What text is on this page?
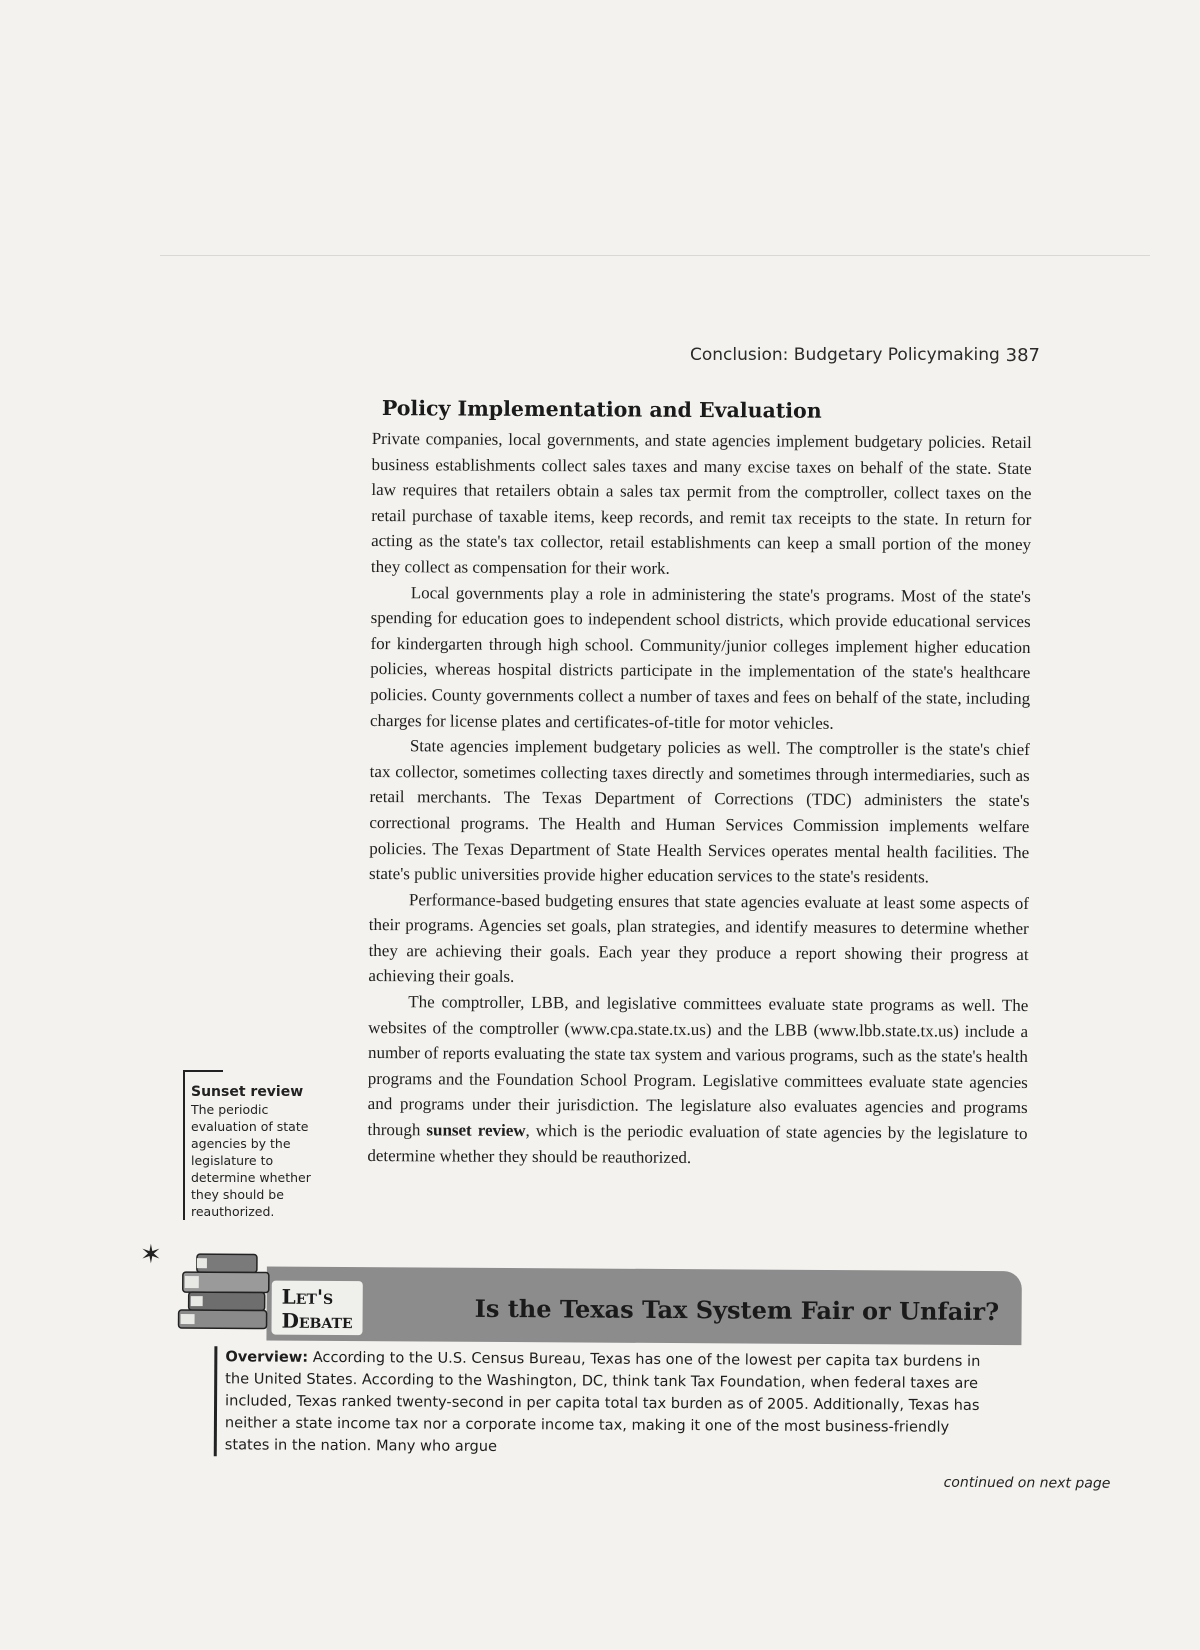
Conclusion: Budgetary Policymaking 387
Policy Implementation and Evaluation

Private companies, local governments, and state agencies implement budgetary policies. Retail business establishments collect sales taxes and many excise taxes on behalf of the state. State law requires that retailers obtain a sales tax permit from the comptroller, collect taxes on the retail purchase of taxable items, keep records, and remit tax receipts to the state. In return for acting as the state's tax collector, retail establishments can keep a small portion of the money they collect as compensation for their work.

Local governments play a role in administering the state's programs. Most of the state's spending for education goes to independent school districts, which provide educational services for kindergarten through high school. Community/junior colleges implement higher education policies, whereas hospital districts participate in the implementation of the state's healthcare policies. County governments collect a number of taxes and fees on behalf of the state, including charges for license plates and certificates-of-title for motor vehicles.

State agencies implement budgetary policies as well. The comptroller is the state's chief tax collector, sometimes collecting taxes directly and sometimes through intermediaries, such as retail merchants. The Texas Department of Corrections (TDC) administers the state's correctional programs. The Health and Human Services Commission implements welfare policies. The Texas Department of State Health Services operates mental health facilities. The state's public universities provide higher education services to the state's residents.

Performance-based budgeting ensures that state agencies evaluate at least some aspects of their programs. Agencies set goals, plan strategies, and identify measures to determine whether they are achieving their goals. Each year they produce a report showing their progress at achieving their goals.

The comptroller, LBB, and legislative committees evaluate state programs as well. The websites of the comptroller (www.cpa.state.tx.us) and the LBB (www.lbb.state.tx.us) include a number of reports evaluating the state tax system and various programs, such as the state's health programs and the Foundation School Program. Legislative committees evaluate state agencies and programs under their jurisdiction. The legislature also evaluates agencies and programs through sunset review, which is the periodic evaluation of state agencies by the legislature to determine whether they should be reauthorized.

Sunset review
The periodic evaluation of state agencies by the legislature to determine whether they should be reauthorized.
✶
Let's
Debate	Is the Texas Tax System Fair or Unfair?
Overview: According to the U.S. Census Bureau, Texas has one of the lowest per capita tax burdens in the United States. According to the Washington, DC, think tank Tax Foundation, when federal taxes are included, Texas ranked twenty-second in per capita total tax burden as of 2005. Additionally, Texas has neither a state income tax nor a corporate income tax, making it one of the most business-friendly states in the nation. Many who argue
continued on next page
